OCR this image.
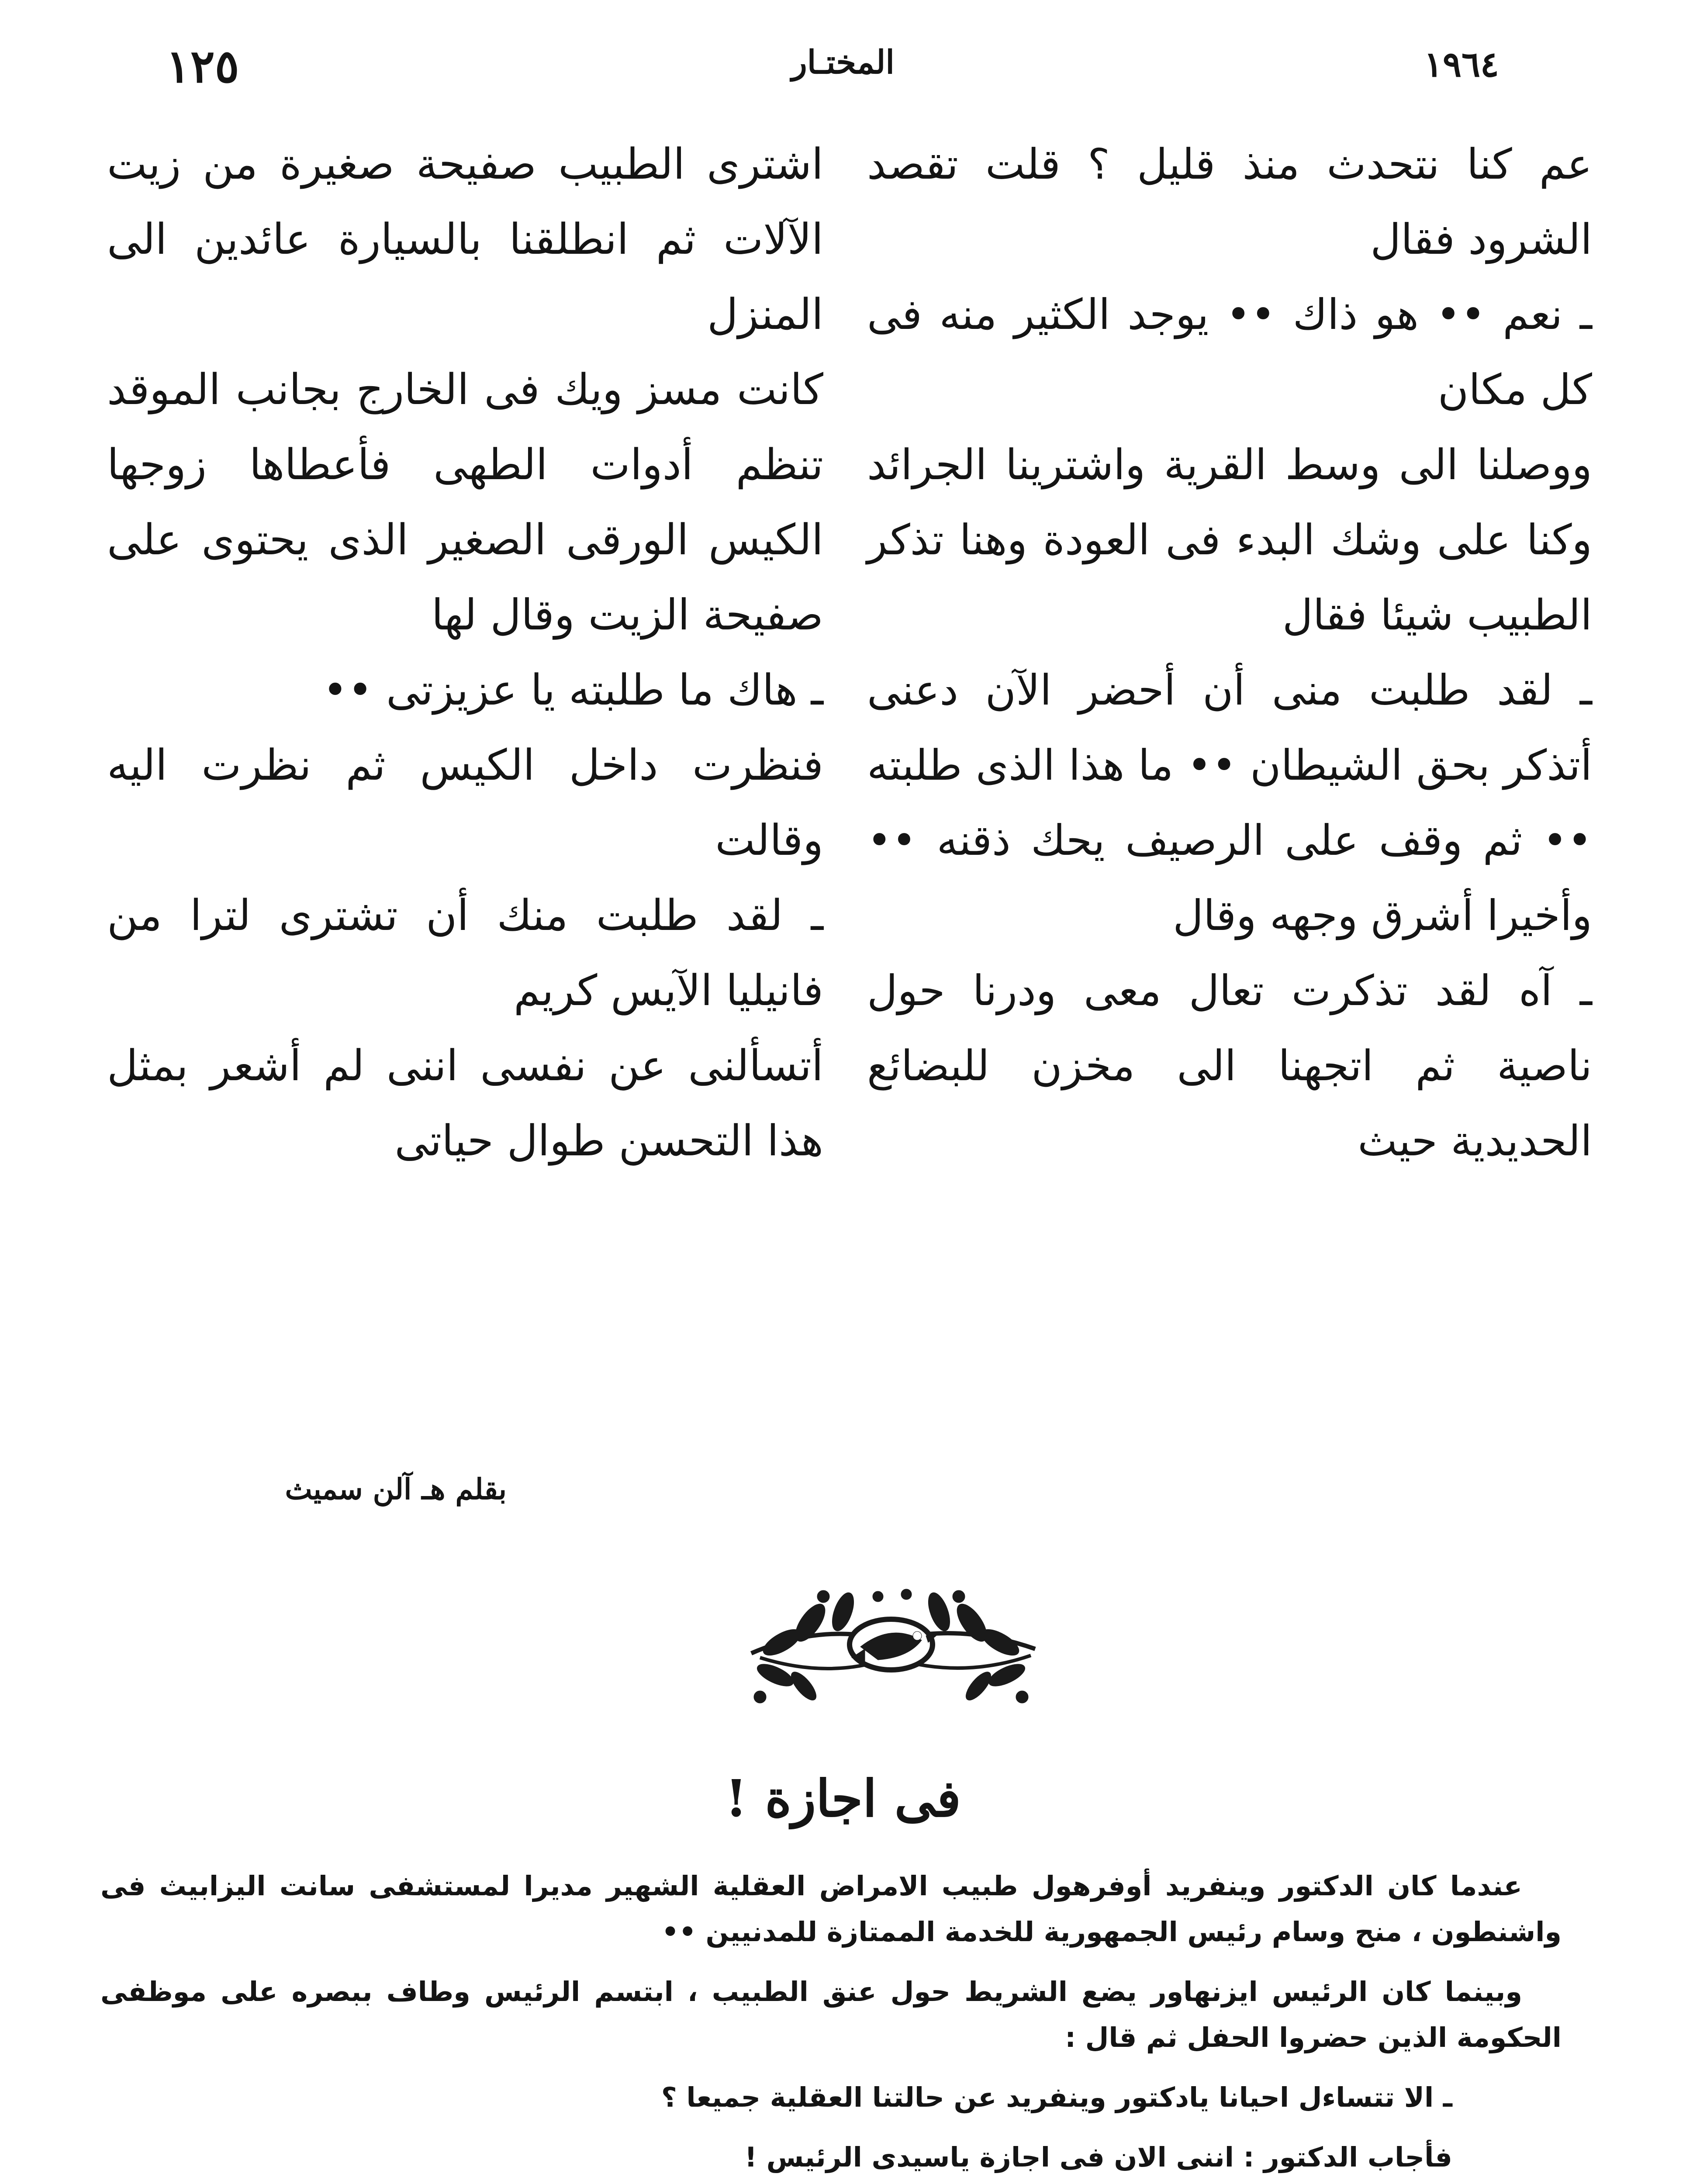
١٢٥	المختـار	١٩٦٤

عم كنا نتحدث منذ قليل ؟ قلت تقصد الشرود فقال

ـ نعم •• هو ذاك •• يوجد الكثير منه فى كل مكان

ووصلنا الى وسط القرية واشترينا الجرائد وكنا على وشك البدء فى العودة وهنا تذكر الطبيب شيئا فقال

ـ لقد طلبت منى أن أحضر الآن دعنى أتذكر بحق الشيطان •• ما هذا الذى طلبته •• ثم وقف على الرصيف يحك ذقنه •• وأخيرا أشرق وجهه وقال

ـ آه لقد تذكرت تعال معى ودرنا حول ناصية ثم اتجهنا الى مخزن للبضائع الحديدية حيث

اشترى الطبيب صفيحة صغيرة من زيت الآلات ثم انطلقنا بالسيارة عائدين الى المنزل

كانت مسز ويك فى الخارج بجانب الموقد تنظم أدوات الطهى فأعطاها زوجها الكيس الورقى الصغير الذى يحتوى على صفيحة الزيت وقال لها

ـ هاك ما طلبته يا عزيزتى ••

فنظرت داخل الكيس ثم نظرت اليه وقالت

ـ لقد طلبت منك أن تشترى لترا من فانيليا الآيس كريم

أتسألنى عن نفسى اننى لم أشعر بمثل هذا التحسن طوال حياتى

بقلم هـ آلن سميث
فى اجازة !

عندما كان الدكتور وينفريد أوفرهول طبيب الامراض العقلية الشهير مديرا لمستشفى سانت اليزابيث فى واشنطون ، منح وسام رئيس الجمهورية للخدمة الممتازة للمدنيين ••

وبينما كان الرئيس ايزنهاور يضع الشريط حول عنق الطبيب ، ابتسم الرئيس وطاف ببصره على موظفى الحكومة الذين حضروا الحفل ثم قال :

ـ الا تتساءل احيانا يادكتور وينفريد عن حالتنا العقلية جميعا ؟

فأجاب الدكتور : اننى الان فى اجازة ياسيدى الرئيس !
